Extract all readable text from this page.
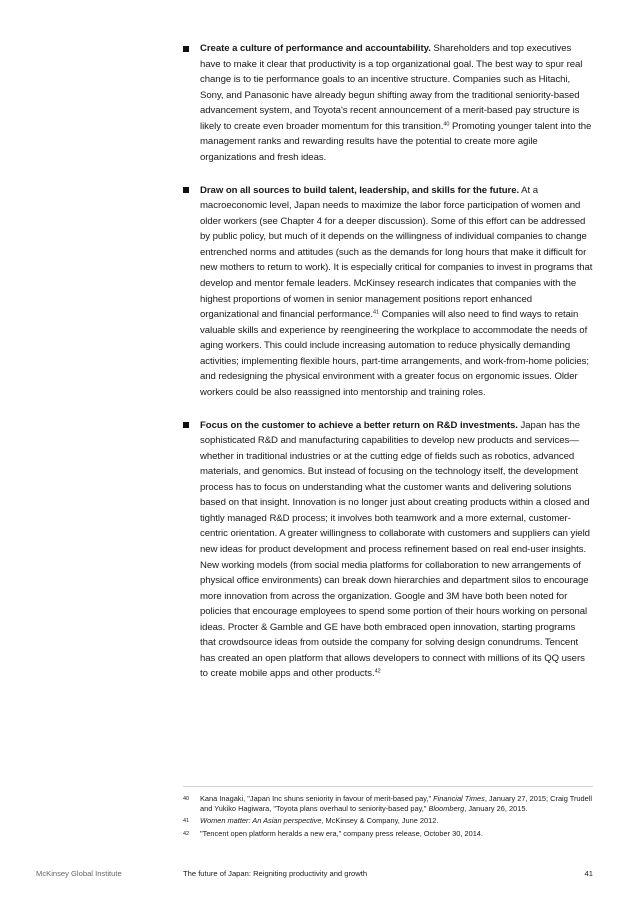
Create a culture of performance and accountability. Shareholders and top executives have to make it clear that productivity is a top organizational goal. The best way to spur real change is to tie performance goals to an incentive structure. Companies such as Hitachi, Sony, and Panasonic have already begun shifting away from the traditional seniority-based advancement system, and Toyota's recent announcement of a merit-based pay structure is likely to create even broader momentum for this transition.$^{40}$ Promoting younger talent into the management ranks and rewarding results have the potential to create more agile organizations and fresh ideas.

Draw on all sources to build talent, leadership, and skills for the future. At a macroeconomic level, Japan needs to maximize the labor force participation of women and older workers (see Chapter 4 for a deeper discussion). Some of this effort can be addressed by public policy, but much of it depends on the willingness of individual companies to change entrenched norms and attitudes (such as the demands for long hours that make it difficult for new mothers to return to work). It is especially critical for companies to invest in programs that develop and mentor female leaders. McKinsey research indicates that companies with the highest proportions of women in senior management positions report enhanced organizational and financial performance.$^{41}$ Companies will also need to find ways to retain valuable skills and experience by reengineering the workplace to accommodate the needs of aging workers. This could include increasing automation to reduce physically demanding activities; implementing flexible hours, part-time arrangements, and work-from-home policies; and redesigning the physical environment with a greater focus on ergonomic issues. Older workers could be also reassigned into mentorship and training roles.

Focus on the customer to achieve a better return on R&D investments. Japan has the sophisticated R&D and manufacturing capabilities to develop new products and services—whether in traditional industries or at the cutting edge of fields such as robotics, advanced materials, and genomics. But instead of focusing on the technology itself, the development process has to focus on understanding what the customer wants and delivering solutions based on that insight. Innovation is no longer just about creating products within a closed and tightly managed R&D process; it involves both teamwork and a more external, customer-centric orientation. A greater willingness to collaborate with customers and suppliers can yield new ideas for product development and process refinement based on real end-user insights. New working models (from social media platforms for collaboration to new arrangements of physical office environments) can break down hierarchies and department silos to encourage more innovation from across the organization. Google and 3M have both been noted for policies that encourage employees to spend some portion of their hours working on personal ideas. Procter & Gamble and GE have both embraced open innovation, starting programs that crowdsource ideas from outside the company for solving design conundrums. Tencent has created an open platform that allows developers to connect with millions of its QQ users to create mobile apps and other products.$^{42}$

40 Kana Inagaki, "Japan Inc shuns seniority in favour of merit-based pay," Financial Times, January 27, 2015; Craig Trudell and Yukiko Hagiwara, "Toyota plans overhaul to seniority-based pay," Bloomberg, January 26, 2015.

41 Women matter: An Asian perspective, McKinsey & Company, June 2012.

42 "Tencent open platform heralds a new era," company press release, October 30, 2014.

McKinsey Global Institute	The future of Japan: Reigniting productivity and growth	41
